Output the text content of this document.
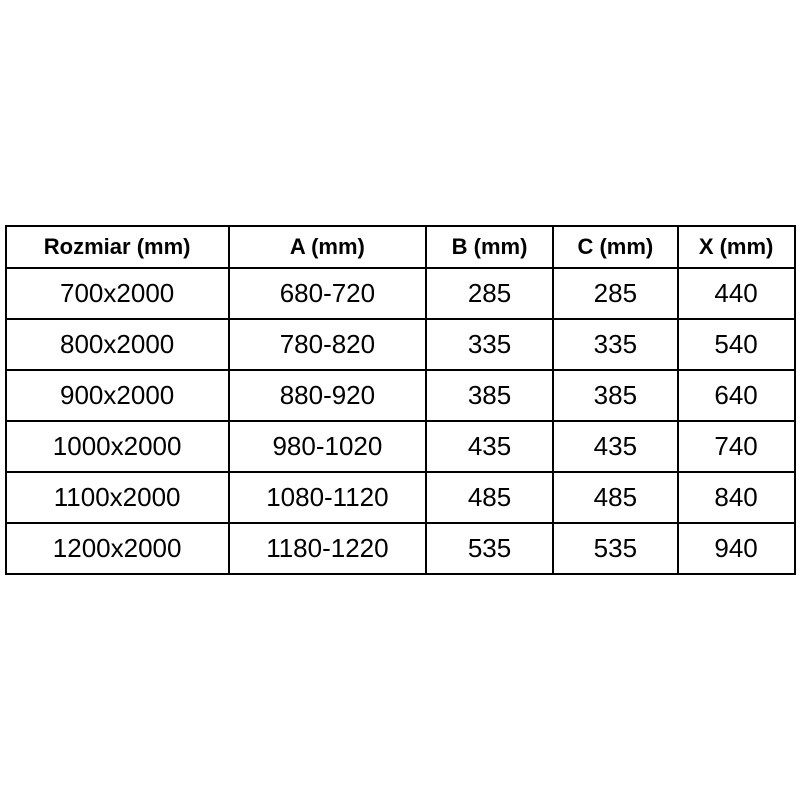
Rozmiar (mm)	A (mm)	B (mm)	C (mm)	X (mm)
700x2000	680-720	285	285	440
800x2000	780-820	335	335	540
900x2000	880-920	385	385	640
1000x2000	980-1020	435	435	740
1100x2000	1080-1120	485	485	840
1200x2000	1180-1220	535	535	940
